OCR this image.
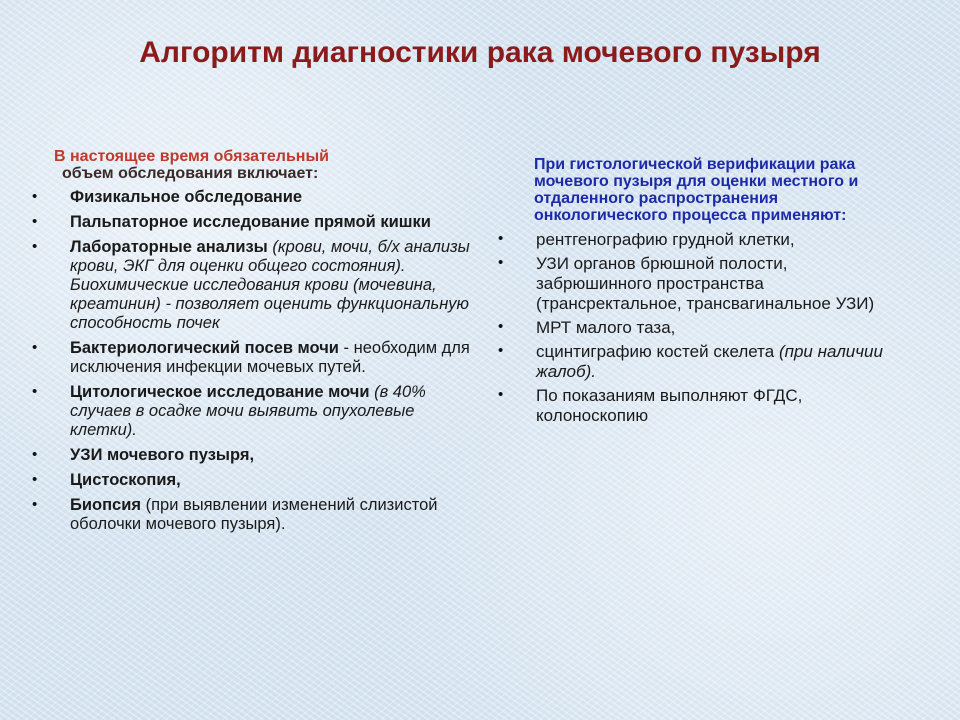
Алгоритм диагностики рака мочевого пузыря

В настоящее время обязательный
объем обследования включает:

• Физикальное обследование
• Пальпаторное исследование прямой кишки
• Лабораторные анализы (крови, мочи, б/х анализы крови, ЭКГ для оценки общего состояния). Биохимические исследования крови (мочевина, креатинин) - позволяет оценить функциональную способность почек
• Бактериологический посев мочи - необходим для исключения инфекции мочевых путей.
• Цитологическое исследование мочи (в 40% случаев в осадке мочи выявить опухолевые клетки).
• УЗИ мочевого пузыря,
• Цистоскопия,
• Биопсия (при выявлении изменений слизистой оболочки мочевого пузыря).

При гистологической верификации рака мочевого пузыря для оценки местного и отдаленного распространения онкологического процесса применяют:

• рентгенографию грудной клетки,
• УЗИ органов брюшной полости, забрюшинного пространства (трансректальное, трансвагинальное УЗИ)
• МРТ малого таза,
• сцинтиграфию костей скелета (при наличии жалоб).
• По показаниям выполняют ФГДС, колоноскопию
